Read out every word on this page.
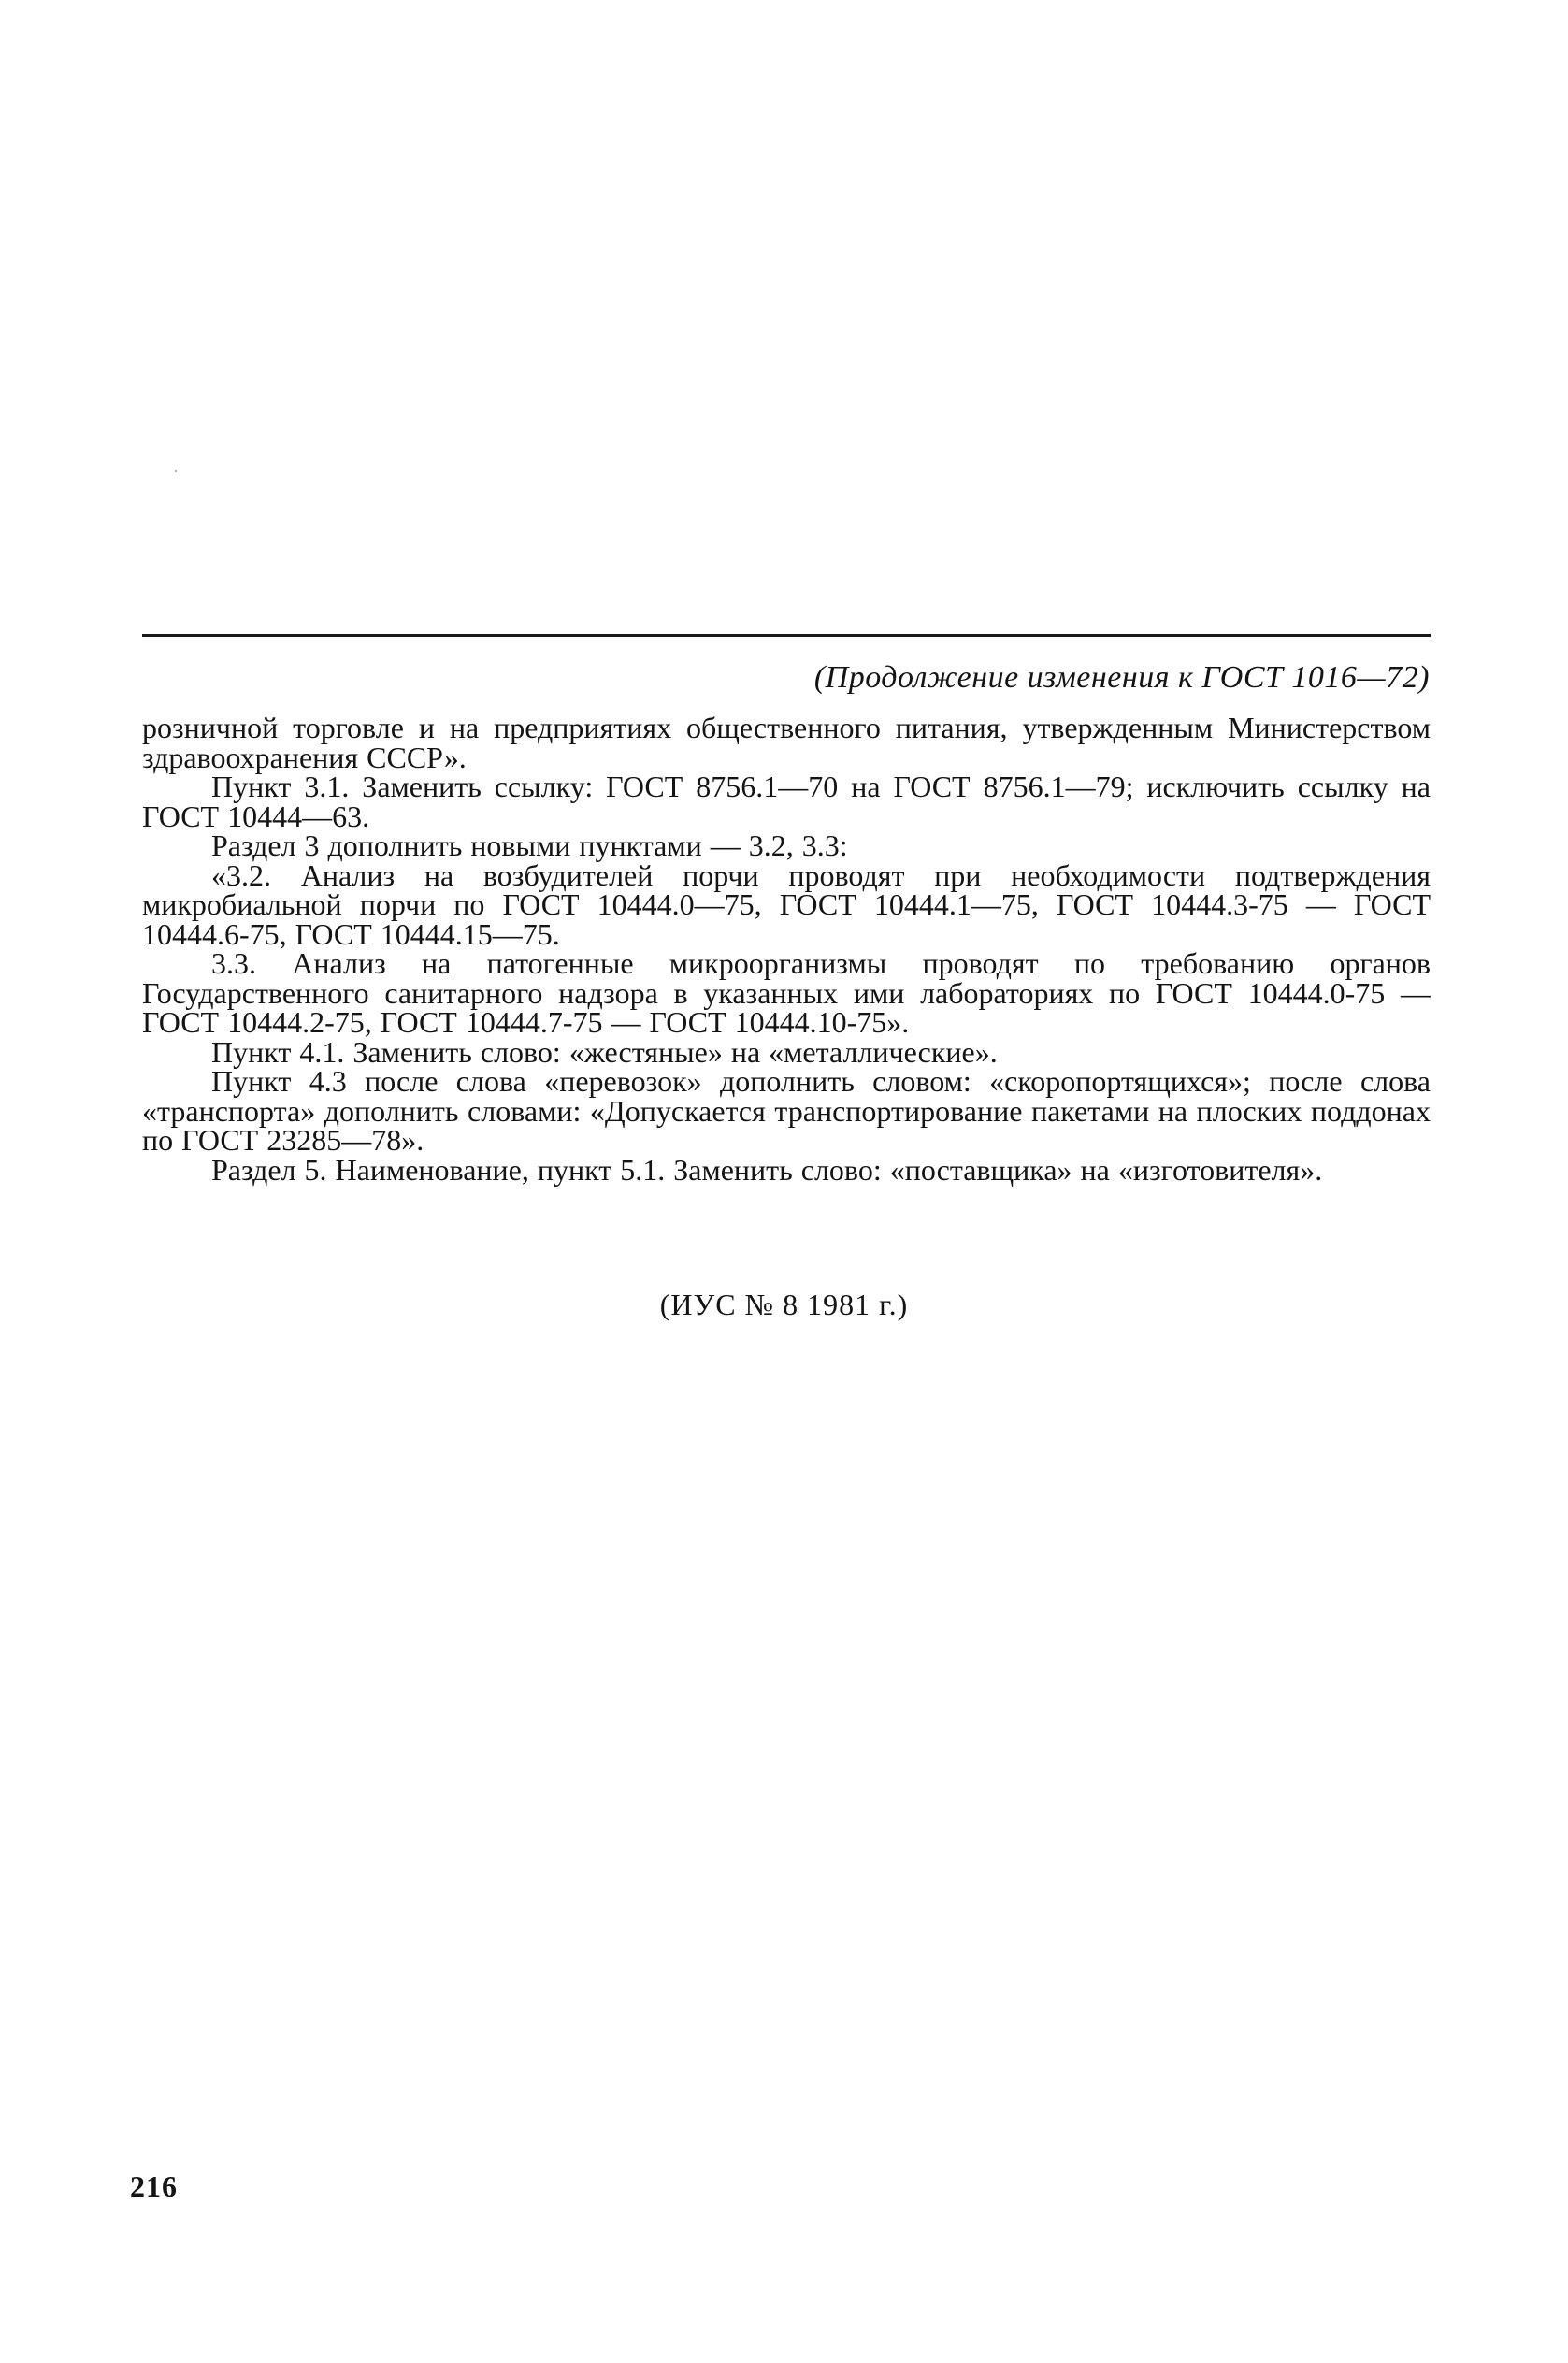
(Продолжение изменения к ГОСТ 1016—72)

розничной торговле и на предприятиях общественного питания, утвержденным Министерством здравоохранения СССР».

Пункт 3.1. Заменить ссылку: ГОСТ 8756.1—70 на ГОСТ 8756.1—79; исключить ссылку на ГОСТ 10444—63.

Раздел 3 дополнить новыми пунктами — 3.2, 3.3:

«3.2. Анализ на возбудителей порчи проводят при необходимости подтверждения микробиальной порчи по ГОСТ 10444.0—75, ГОСТ 10444.1—75, ГОСТ 10444.3-75 — ГОСТ 10444.6-75, ГОСТ 10444.15—75.

3.3. Анализ на патогенные микроорганизмы проводят по требованию органов Государственного санитарного надзора в указанных ими лабораториях по ГОСТ 10444.0-75 — ГОСТ 10444.2-75, ГОСТ 10444.7-75 — ГОСТ 10444.10-75».

Пункт 4.1. Заменить слово: «жестяные» на «металлические».

Пункт 4.3 после слова «перевозок» дополнить словом: «скоропортящихся»; после слова «транспорта» дополнить словами: «Допускается транспортирование пакетами на плоских поддонах по ГОСТ 23285—78».

Раздел 5. Наименование, пункт 5.1. Заменить слово: «поставщика» на «изготовителя».

(ИУС № 8 1981 г.)
216
